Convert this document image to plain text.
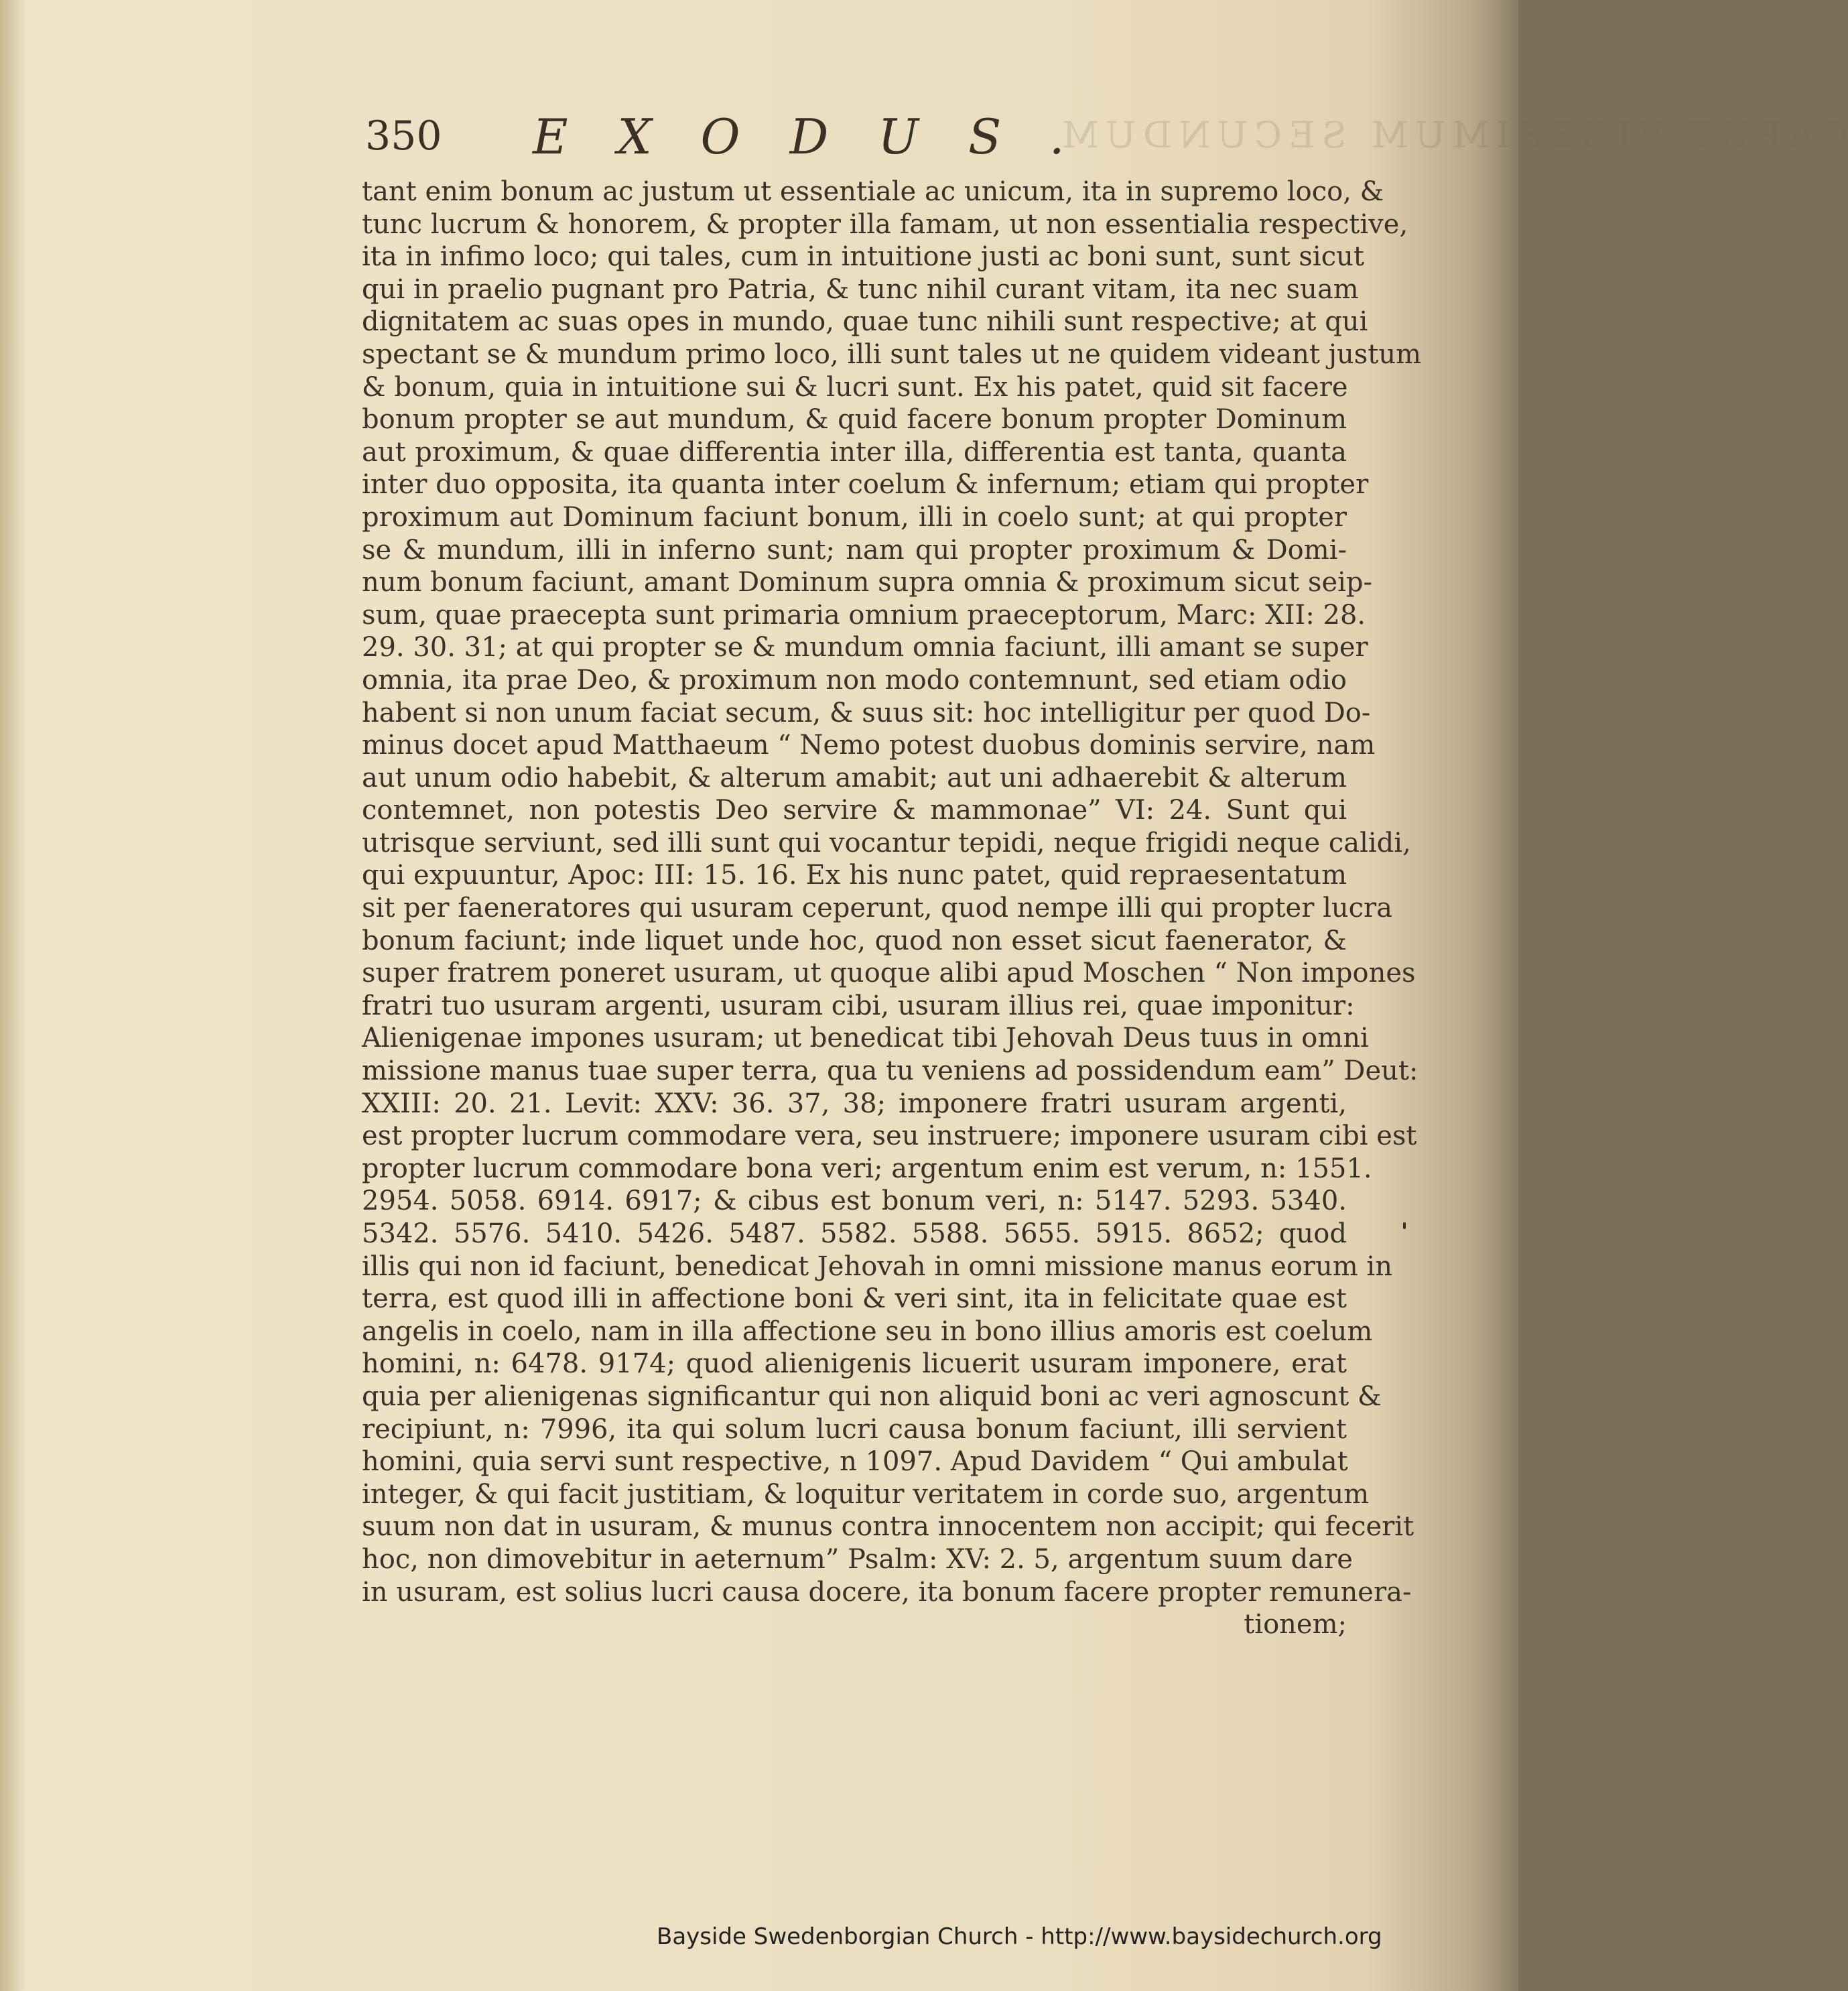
350 EXODUS.
CAPUT VIGESIMUM SECUNDUM
tant enim bonum ac justum ut essentiale ac unicum, ita in supremo loco, &
tunc lucrum & honorem, & propter illa famam, ut non essentialia respective,
ita in infimo loco; qui tales, cum in intuitione justi ac boni sunt, sunt sicut
qui in praelio pugnant pro Patria, & tunc nihil curant vitam, ita nec suam
dignitatem ac suas opes in mundo, quae tunc nihili sunt respective; at qui
spectant se & mundum primo loco, illi sunt tales ut ne quidem videant justum
& bonum, quia in intuitione sui & lucri sunt. Ex his patet, quid sit facere
bonum propter se aut mundum, & quid facere bonum propter Dominum
aut proximum, & quae differentia inter illa, differentia est tanta, quanta
inter duo opposita, ita quanta inter coelum & infernum; etiam qui propter
proximum aut Dominum faciunt bonum, illi in coelo sunt; at qui propter
se & mundum, illi in inferno sunt; nam qui propter proximum & Domi-
num bonum faciunt, amant Dominum supra omnia & proximum sicut seip-
sum, quae praecepta sunt primaria omnium praeceptorum, Marc: XII: 28.
29. 30. 31; at qui propter se & mundum omnia faciunt, illi amant se super
omnia, ita prae Deo, & proximum non modo contemnunt, sed etiam odio
habent si non unum faciat secum, & suus sit: hoc intelligitur per quod Do-
minus docet apud Matthaeum “ Nemo potest duobus dominis servire, nam
aut unum odio habebit, & alterum amabit; aut uni adhaerebit & alterum
contemnet, non potestis Deo servire & mammonae” VI: 24. Sunt qui
utrisque serviunt, sed illi sunt qui vocantur tepidi, neque frigidi neque calidi,
qui expuuntur, Apoc: III: 15. 16. Ex his nunc patet, quid repraesentatum
sit per faeneratores qui usuram ceperunt, quod nempe illi qui propter lucra
bonum faciunt; inde liquet unde hoc, quod non esset sicut faenerator, &
super fratrem poneret usuram, ut quoque alibi apud Moschen “ Non impones
fratri tuo usuram argenti, usuram cibi, usuram illius rei, quae imponitur:
Alienigenae impones usuram; ut benedicat tibi Jehovah Deus tuus in omni
missione manus tuae super terra, qua tu veniens ad possidendum eam” Deut:
XXIII: 20. 21. Levit: XXV: 36. 37, 38; imponere fratri usuram argenti,
est propter lucrum commodare vera, seu instruere; imponere usuram cibi est
propter lucrum commodare bona veri; argentum enim est verum, n: 1551.
2954. 5058. 6914. 6917; & cibus est bonum veri, n: 5147. 5293. 5340.
5342. 5576. 5410. 5426. 5487. 5582. 5588. 5655. 5915. 8652; quod
illis qui non id faciunt, benedicat Jehovah in omni missione manus eorum in
terra, est quod illi in affectione boni & veri sint, ita in felicitate quae est
angelis in coelo, nam in illa affectione seu in bono illius amoris est coelum
homini, n: 6478. 9174; quod alienigenis licuerit usuram imponere, erat
quia per alienigenas significantur qui non aliquid boni ac veri agnoscunt &
recipiunt, n: 7996, ita qui solum lucri causa bonum faciunt, illi servient
homini, quia servi sunt respective, n 1097. Apud Davidem “ Qui ambulat
integer, & qui facit justitiam, & loquitur veritatem in corde suo, argentum
suum non dat in usuram, & munus contra innocentem non accipit; qui fecerit
hoc, non dimovebitur in aeternum” Psalm: XV: 2. 5, argentum suum dare
in usuram, est solius lucri causa docere, ita bonum facere propter remunera-
tionem;
Bayside Swedenborgian Church - http://www.baysidechurch.org
